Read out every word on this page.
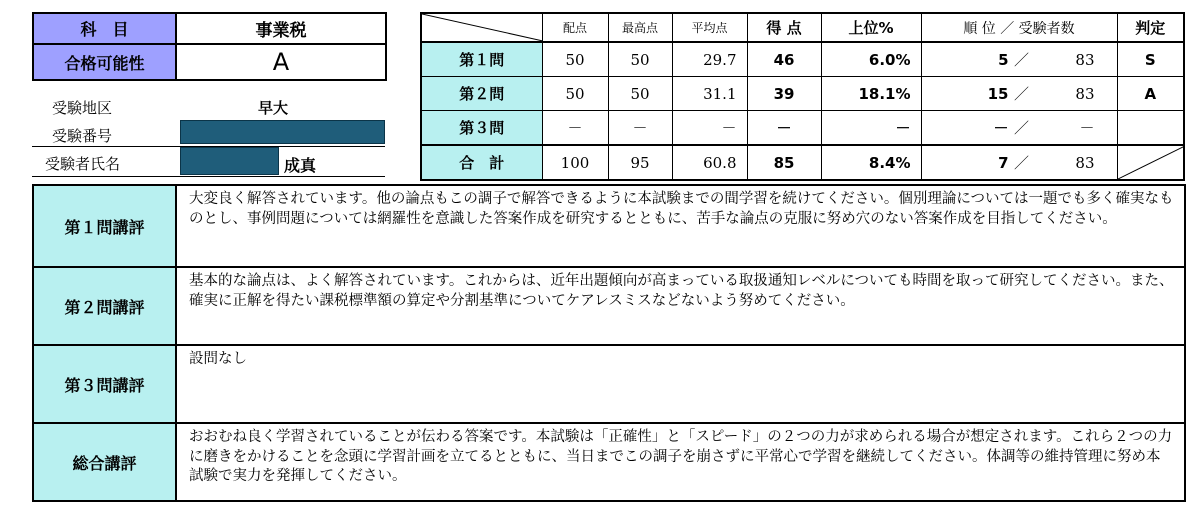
科　目	事業税
合格可能性	A
受験地区	早大
受験番号
受験者氏名	成真
	配点	最高点	平均点	得 点	上位%	順 位 ／ 受験者数	判定
第１問	50	50	29.7	46	6.0%	5 ／ 83	S
第２問	50	50	31.1	39	18.1%	15 ／ 83	A
第３問	－	－	－	－	－	－ ／ －	

合　計	100	95	60.8	85	8.4%	7 ／ 83

第１問講評	大変良く解答されています。他の論点もこの調子で解答できるように本試験までの間学習を続けてください。個別理論については一題でも多く確実なものとし、事例問題については網羅性を意識した答案作成を研究するとともに、苦手な論点の克服に努め穴のない答案作成を目指してください。
第２問講評	基本的な論点は、よく解答されています。これからは、近年出題傾向が高まっている取扱通知レベルについても時間を取って研究してください。また、確実に正解を得たい課税標準額の算定や分割基準についてケアレスミスなどないよう努めてください。
第３問講評	設問なし
総合講評	おおむね良く学習されていることが伝わる答案です。本試験は「正確性」と「スピード」の２つの力が求められる場合が想定されます。これら２つの力に磨きをかけることを念頭に学習計画を立てるとともに、当日までこの調子を崩さずに平常心で学習を継続してください。体調等の維持管理に努め本試験で実力を発揮してください。
